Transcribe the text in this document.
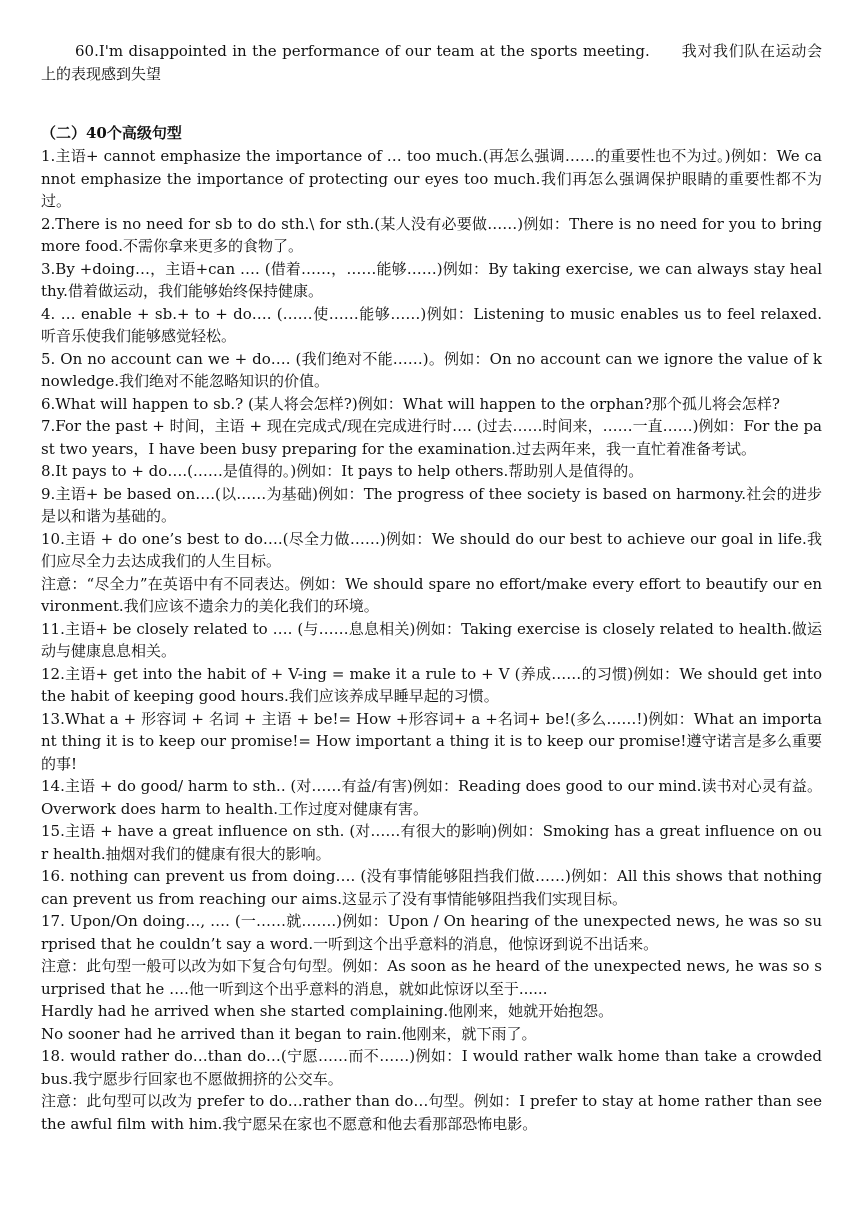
60.I'm disappointed in the performance of our team at the sports meeting.　　我对我们队在运动会上的表现感到失望

（二）40个高级句型

1.主语+ cannot emphasize the importance of … too much.(再怎么强调……的重要性也不为过。)例如：We cannot emphasize the importance of protecting our eyes too much.我们再怎么强调保护眼睛的重要性都不为过。

2.There is no need for sb to do sth.\ for sth.(某人没有必要做……)例如：There is no need for you to bring more food.不需你拿来更多的食物了。

3.By +doing…，主语+can …. (借着……，……能够……)例如：By taking exercise, we can always stay healthy.借着做运动，我们能够始终保持健康。

4. … enable + sb.+ to + do…. (……使……能够……)例如：Listening to music enables us to feel relaxed.听音乐使我们能够感觉轻松。

5. On no account can we + do…. (我们绝对不能……)。例如：On no account can we ignore the value of knowledge.我们绝对不能忽略知识的价值。

6.What will happen to sb.? (某人将会怎样?)例如：What will happen to the orphan?那个孤儿将会怎样?

7.For the past + 时间，主语 + 现在完成式/现在完成进行时…. (过去……时间来，……一直……)例如：For the past two years，I have been busy preparing for the examination.过去两年来，我一直忙着准备考试。

8.It pays to + do….(……是值得的。)例如：It pays to help others.帮助别人是值得的。

9.主语+ be based on….(以……为基础)例如：The progress of thee society is based on harmony.社会的进步是以和谐为基础的。

10.主语 + do one’s best to do….(尽全力做……)例如：We should do our best to achieve our goal in life.我们应尽全力去达成我们的人生目标。

注意：“尽全力”在英语中有不同表达。例如：We should spare no effort/make every effort to beautify our environment.我们应该不遗余力的美化我们的环境。

11.主语+ be closely related to …. (与……息息相关)例如：Taking exercise is closely related to health.做运动与健康息息相关。

12.主语+ get into the habit of + V-ing = make it a rule to + V (养成……的习惯)例如：We should get into the habit of keeping good hours.我们应该养成早睡早起的习惯。

13.What a + 形容词 + 名词 + 主语 + be!= How +形容词+ a +名词+ be!(多么……!)例如：What an important thing it is to keep our promise!= How important a thing it is to keep our promise!遵守诺言是多么重要的事!

14.主语 + do good/ harm to sth.. (对……有益/有害)例如：Reading does good to our mind.读书对心灵有益。Overwork does harm to health.工作过度对健康有害。

15.主语 + have a great influence on sth. (对……有很大的影响)例如：Smoking has a great influence on our health.抽烟对我们的健康有很大的影响。

16. nothing can prevent us from doing…. (没有事情能够阻挡我们做……)例如：All this shows that nothing can prevent us from reaching our aims.这显示了没有事情能够阻挡我们实现目标。

17. Upon/On doing…, …. (一……就…….)例如：Upon / On hearing of the unexpected news, he was so surprised that he couldn’t say a word.一听到这个出乎意料的消息，他惊讶到说不出话来。

注意：此句型一般可以改为如下复合句句型。例如：As soon as he heard of the unexpected news, he was so surprised that he ….他一听到这个出乎意料的消息，就如此惊讶以至于......

Hardly had he arrived when she started complaining.他刚来，她就开始抱怨。

No sooner had he arrived than it began to rain.他刚来，就下雨了。

18. would rather do…than do…(宁愿……而不……)例如：I would rather walk home than take a crowded bus.我宁愿步行回家也不愿做拥挤的公交车。

注意：此句型可以改为 prefer to do…rather than do…句型。例如：I prefer to stay at home rather than see the awful film with him.我宁愿呆在家也不愿意和他去看那部恐怖电影。
